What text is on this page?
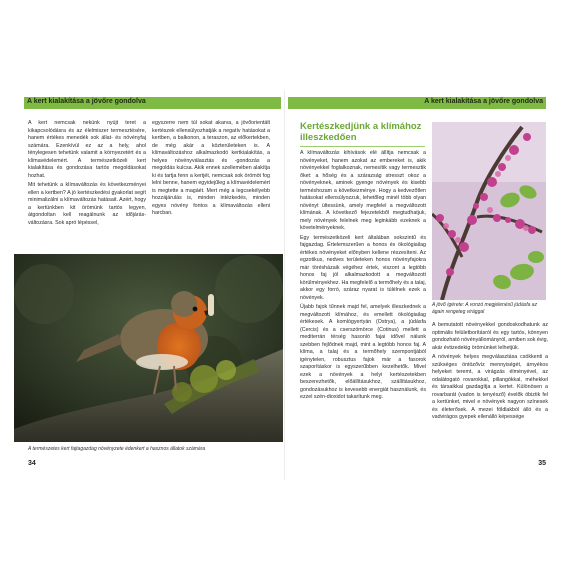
A kert kialakítása a jövőre gondolva	A kert kialakítása a jövőre gondolva

A kert nemcsak nekünk nyújt teret a kikapcsolódásra és az élelmiszer termesztésére, hanem értékes menedék sok állat- és növényfaj számára. Ezenkívül ez az a hely, ahol ténylegesen tehetünk valamit a környezetért és a klímavédelemért. A természetközeli kert kialakítása és gondozása tartós megoldásokat hozhat.

Mit tehetünk a klímaváltozás és következményei ellen a kertben? A jó kertészkedési gyakorlat segít minimalizálni a klímaváltozás hatásait. Azért, hogy a kertünkben kit örömünk tartós legyen, átgondoltan kell reagálnunk az időjárás-változásra. Sok apró lépéssel,

egyszerre nem túl sokat akarva, a jövőorientált kertészek ellensúlyozhatják a negatív hatásokat a kertben, a balkonon, a teraszon, az előkertekben, de még akár a közterületeken is. A klímaváltozáshoz alkalmazkodó kertkialakítás, a helyes növényválasztás és -gondozás a megoldás kulcsa. Akik ennek szellemében alakítja ki és tartja fenn a kertjét, nemcsak sok örömöt fog lelni benne, hanem egyidejűleg a klímavédelemért is megtette a magáét. Mert még a legcsekélyebb hozzájárulás is, minden intézkedés, minden egyes növény fontos a klímaváltozás elleni harcban.

A természetes kert fajtagazdag növényzete édenkert a hasznos állatok számára
34
Kertészkedjünk a klímához illeszkedően

A klímaváltozás kihívások elé állítja nemcsak a növényeket, hanem azokat az embereket is, akik növényekkel foglalkoznak, nemesítik vagy termesztik őket: a hőség és a szárazság stresszt okoz a növényeknek, aminek gyenge növények és kisebb terméshozam a következménye. Hogy a kedvezőtlen hatásokat ellensúlyozzuk, lehetőleg minél több olyan növényt ültessünk, amely megfelel a megváltozott klímának. A következő fejezetekből megtudhatjuk, mely növények felelnek meg leginkább ezeknek a követelményeknek.

Egy természetközeli kert általában sokszintű és fajgazdag. Értelemszerűen a honos és ökológiailag értékes növényeket előnyben kellene részesíteni. Az egzotikus, nedves területeken honos növényfajokra már törésházaik végéhez értek, viszont a legtöbb honos faj jól alkalmazkodott a megváltozott körülményekhez. Ha megfelelő a termőhely és a talaj, akkor egy forró, száraz nyarat is túlélnek ezek a növények.

Újabb fajok tűnnek majd fel, amelyek illeszkednek a megváltozott klímához, és emellett ökológiailag értékesek. A komlógyertyán (Ostrya), a júdásfa (Cercis) és a cserszömörce (Cotinus) mellett a mediterrán térség hasonló fajai idővel nálunk szebben fejlődnek majd, mint a legtöbb honos faj. A klíma, a talaj és a termőhely szempontjából igénytelen, robusztus fajok már a fasorok szaporításkor is egyszerűbben kezelhetők. Mivel ezek a növények a helyi kertészetekben beszerezhetők, előállításukhoz, szállításukhoz, gondozásukhoz is kevesebb energiát használunk, és ezzel szén-dioxidot takarítunk meg.

A jövő ígérete: A vonzó megjelenésű júdásfa az ágain rengeteg virággal

A bemutatott növényekkel gondoskodhatunk az optimális felületborításról és egy tartós, könnyen gondozható növényállományról, amiben sok évig, akár évtizedekig örömünket lelhetjük.

A növények helyes megválasztása csökkenti a szükséges öntözővíz mennyiségét, árnyékos helyeket teremt, a virágzás élményével, az odalátogató rovarokkal, pillangókkal, méhekkel és társaikkal gazdagítja a kertet. Különösen a rovarbarát (vadon is tenyésző) évelők óbiztik fel a kertünket, mivel e növények nagyon színesek és életerősek. A mezei földlakból álló és a vadvirágos gyepek ellenálló képessége

35
